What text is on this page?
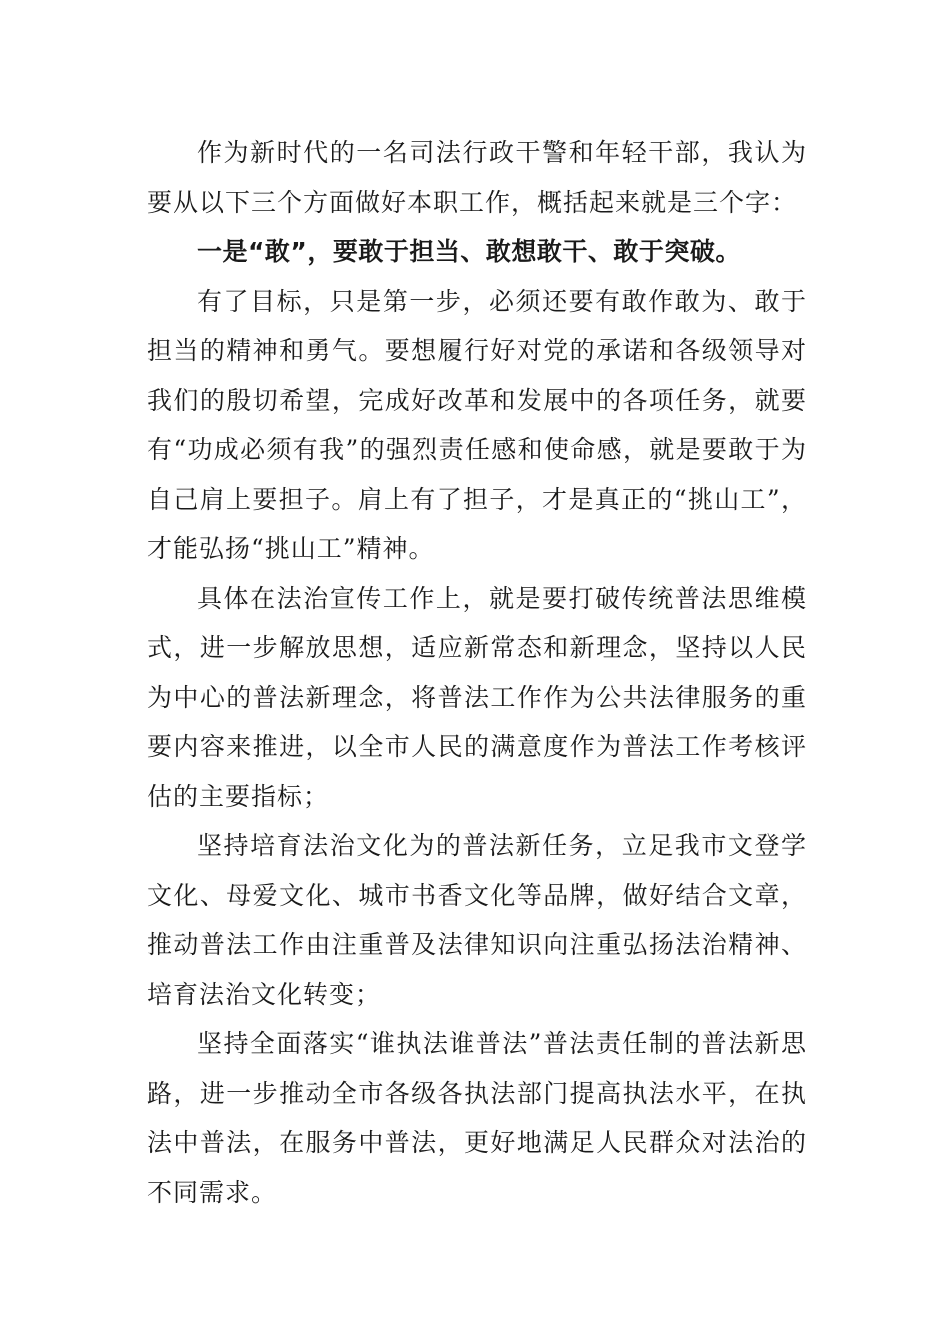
作为新时代的一名司法行政干警和年轻干部，我认为要从以下三个方面做好本职工作，概括起来就是三个字：

一是“敢”，要敢于担当、敢想敢干、敢于突破。

有了目标，只是第一步，必须还要有敢作敢为、敢于担当的精神和勇气。要想履行好对党的承诺和各级领导对我们的殷切希望，完成好改革和发展中的各项任务，就要有“功成必须有我”的强烈责任感和使命感，就是要敢于为自己肩上要担子。肩上有了担子，才是真正的“挑山工”，才能弘扬“挑山工”精神。

具体在法治宣传工作上，就是要打破传统普法思维模式，进一步解放思想，适应新常态和新理念，坚持以人民为中心的普法新理念，将普法工作作为公共法律服务的重要内容来推进，以全市人民的满意度作为普法工作考核评估的主要指标；

坚持培育法治文化为的普法新任务，立足我市文登学文化、母爱文化、城市书香文化等品牌，做好结合文章，推动普法工作由注重普及法律知识向注重弘扬法治精神、培育法治文化转变；

坚持全面落实“谁执法谁普法”普法责任制的普法新思路，进一步推动全市各级各执法部门提高执法水平，在执法中普法，在服务中普法，更好地满足人民群众对法治的不同需求。
